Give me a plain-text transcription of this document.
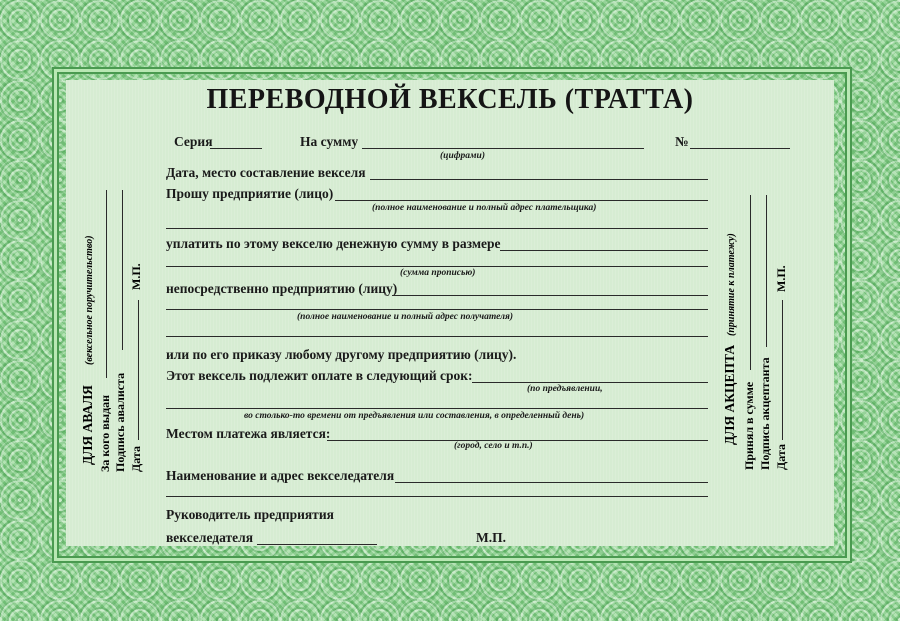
ПЕРЕВОДНОЙ ВЕКСЕЛЬ (ТРАТТА)
Серия	На сумму
(цифрами)
№
Дата, место составление векселя
Прошу предприятие (лицо)
(полное наименование и полный адрес плательщика)
уплатить по этому векселю денежную сумму в размере
(сумма прописью)
непосредственно предприятию (лицу)
(полное наименование и полный адрес получателя)
или по его приказу любому другому предприятию (лицу).
Этот вексель подлежит оплате в следующий срок:
(по предъявлении,
во столько-то времени от предъявления или составления, в определенный день)
Местом платежа является:
(город, село и т.п.)
Наименование и адрес векселедателя
Руководитель предприятия
векселедателя	М.П.
ДЛЯ АВАЛЯ
(вексельное поручительство)
За кого выдан Подпись авалиста Дата
М.П.
ДЛЯ АКЦЕПТА
(принятие к платежу)
Принял в сумме Подпись акцептанта Дата
М.П.
